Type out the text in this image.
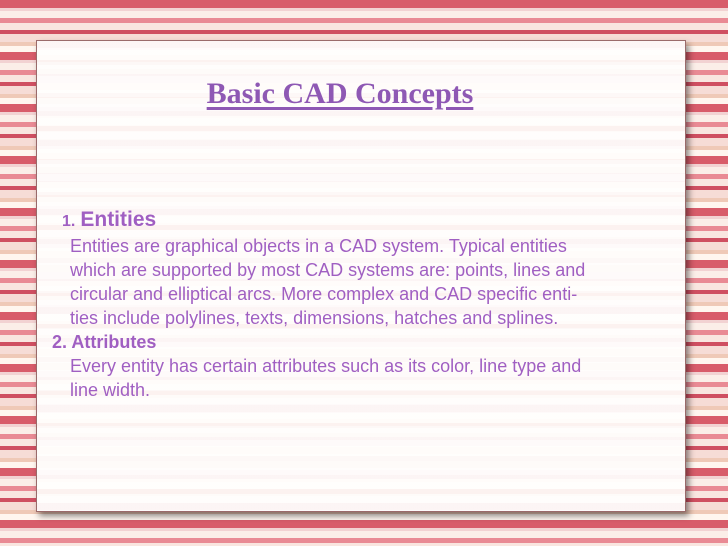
Basic CAD Concepts
1. Entities
Entities are graphical objects in a CAD system. Typical entities
which are supported by most CAD systems are: points, lines and
circular and elliptical arcs. More complex and CAD specific enti-
ties include polylines, texts, dimensions, hatches and splines.
2. Attributes
Every entity has certain attributes such as its color, line type and
line width.
